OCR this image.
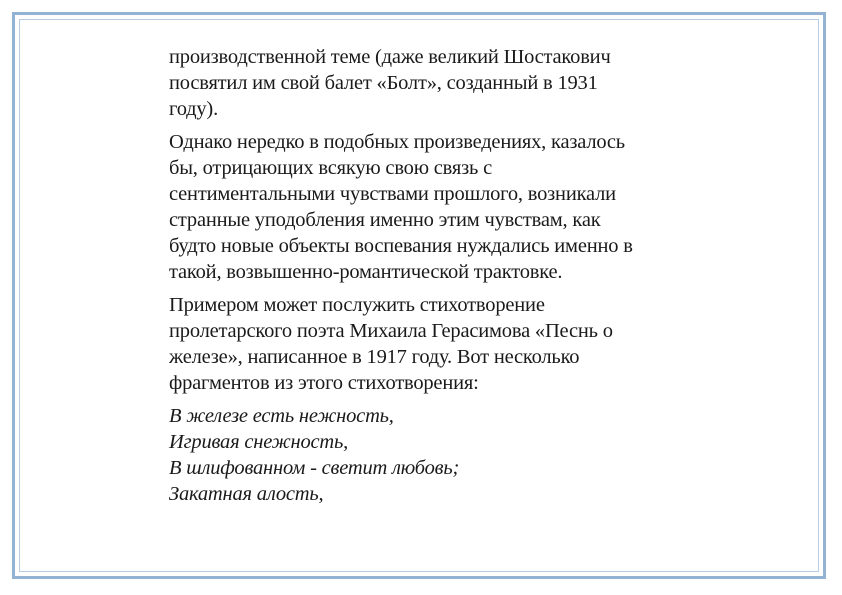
производственной теме (даже великий Шостакович
посвятил им свой балет «Болт», созданный в 1931
году).

Однако нередко в подобных произведениях, казалось
бы, отрицающих всякую свою связь с
сентиментальными чувствами прошлого, возникали
странные уподобления именно этим чувствам, как
будто новые объекты воспевания нуждались именно в
такой, возвышенно-романтической трактовке.

Примером может послужить стихотворение
пролетарского поэта Михаила Герасимова «Песнь о
железе», написанное в 1917 году. Вот несколько
фрагментов из этого стихотворения:

В железе есть нежность,
Игривая снежность,
В шлифованном - светит любовь;
Закатная алость,
